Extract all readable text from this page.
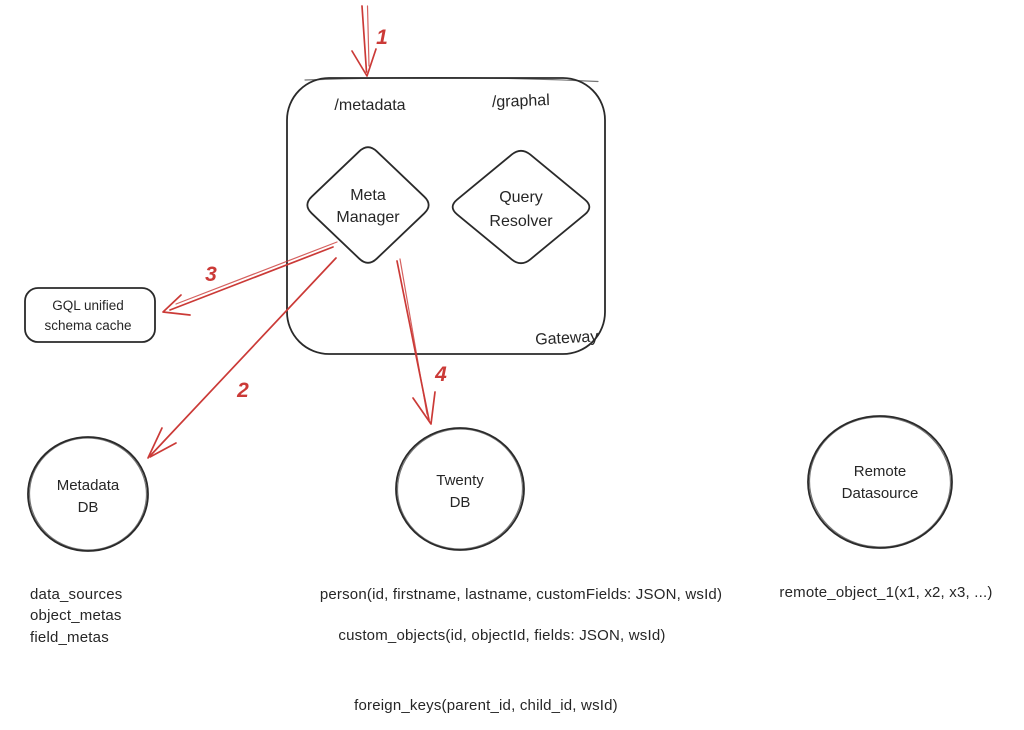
/metadata	/graphal
Gateway
Meta
Manager
Query
Resolver
GQL unified
schema cache
Metadata
DB
Twenty
DB
Remote
Datasource
1
3
2
4
data_sources
object_metas
field_metas
person(id, firstname, lastname, customFields: JSON, wsId)
custom_objects(id, objectId, fields: JSON, wsId)
foreign_keys(parent_id, child_id, wsId)
remote_object_1(x1, x2, x3, ...)
